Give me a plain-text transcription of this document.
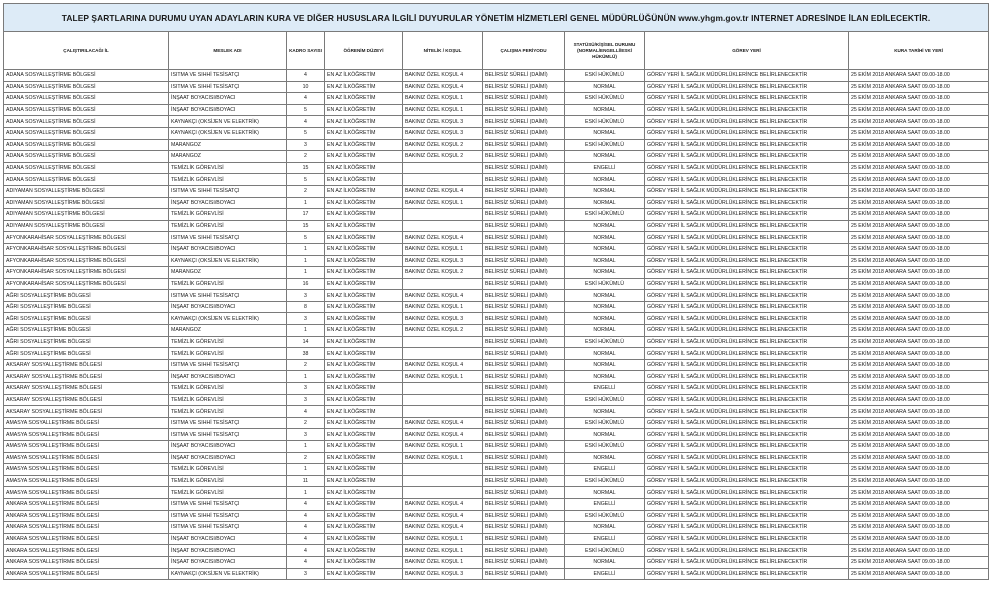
TALEP ŞARTLARINA DURUMU UYAN ADAYLARIN KURA VE DİĞER HUSUSLARA İLGİLİ DUYURULAR YÖNETİM HİZMETLERİ GENEL MÜDÜRLÜĞÜNÜN www.yhgm.gov.tr INTERNET ADRESİNDE İLAN EDİLECEKTİR.								
ÇALIŞTIRILACAĞI İL	MESLEK ADI	KADRO SAYISI	ÖĞRENİM DÜZEYİ	NİTELİK / KOŞUL	ÇALIŞMA PERİYODU	STATÜSÜ/KİŞİSEL DURUMU (NORMAL/ENGELLİ/ESKİ HÜKÜMLÜ)	GÖREV YERİ	KURA TARİHİ VE YERİ
ADANA SOSYALLEŞTİRME BÖLGESİ	ISITMA VE SIHHİ TESİSATÇI	4	EN AZ İLKÖĞRETİM	BAKINIZ ÖZEL KOŞUL 4	BELİRSİZ SÜRELİ (DAİMİ)	ESKİ HÜKÜMLÜ	GÖREV YERİ İL SAĞLIK MÜDÜRLÜKLERİNCE BELİRLENECEKTİR	25 EKİM 2018 ANKARA SAAT 09.00-18.00
ADANA SOSYALLEŞTİRME BÖLGESİ	ISITMA VE SIHHİ TESİSATÇI	10	EN AZ İLKÖĞRETİM	BAKINIZ ÖZEL KOŞUL 4	BELİRSİZ SÜRELİ (DAİMİ)	NORMAL	GÖREV YERİ İL SAĞLIK MÜDÜRLÜKLERİNCE BELİRLENECEKTİR	25 EKİM 2018 ANKARA SAAT 09.00-18.00
ADANA SOSYALLEŞTİRME BÖLGESİ	İNŞAAT BOYACISI/BOYACI	4	EN AZ İLKÖĞRETİM	BAKINIZ ÖZEL KOŞUL 1	BELİRSİZ SÜRELİ (DAİMİ)	ESKİ HÜKÜMLÜ	GÖREV YERİ İL SAĞLIK MÜDÜRLÜKLERİNCE BELİRLENECEKTİR	25 EKİM 2018 ANKARA SAAT 09.00-18.00
ADANA SOSYALLEŞTİRME BÖLGESİ	İNŞAAT BOYACISI/BOYACI	5	EN AZ İLKÖĞRETİM	BAKINIZ ÖZEL KOŞUL 1	BELİRSİZ SÜRELİ (DAİMİ)	NORMAL	GÖREV YERİ İL SAĞLIK MÜDÜRLÜKLERİNCE BELİRLENECEKTİR	25 EKİM 2018 ANKARA SAAT 09.00-18.00
ADANA SOSYALLEŞTİRME BÖLGESİ	KAYNAKÇI (OKSİJEN VE ELEKTRİK)	4	EN AZ İLKÖĞRETİM	BAKINIZ ÖZEL KOŞUL 3	BELİRSİZ SÜRELİ (DAİMİ)	ESKİ HÜKÜMLÜ	GÖREV YERİ İL SAĞLIK MÜDÜRLÜKLERİNCE BELİRLENECEKTİR	25 EKİM 2018 ANKARA SAAT 09.00-18.00
ADANA SOSYALLEŞTİRME BÖLGESİ	KAYNAKÇI (OKSİJEN VE ELEKTRİK)	5	EN AZ İLKÖĞRETİM	BAKINIZ ÖZEL KOŞUL 3	BELİRSİZ SÜRELİ (DAİMİ)	NORMAL	GÖREV YERİ İL SAĞLIK MÜDÜRLÜKLERİNCE BELİRLENECEKTİR	25 EKİM 2018 ANKARA SAAT 09.00-18.00
ADANA SOSYALLEŞTİRME BÖLGESİ	MARANGOZ	3	EN AZ İLKÖĞRETİM	BAKINIZ ÖZEL KOŞUL 2	BELİRSİZ SÜRELİ (DAİMİ)	ESKİ HÜKÜMLÜ	GÖREV YERİ İL SAĞLIK MÜDÜRLÜKLERİNCE BELİRLENECEKTİR	25 EKİM 2018 ANKARA SAAT 09.00-18.00
ADANA SOSYALLEŞTİRME BÖLGESİ	MARANGOZ	2	EN AZ İLKÖĞRETİM	BAKINIZ ÖZEL KOŞUL 2	BELİRSİZ SÜRELİ (DAİMİ)	NORMAL	GÖREV YERİ İL SAĞLIK MÜDÜRLÜKLERİNCE BELİRLENECEKTİR	25 EKİM 2018 ANKARA SAAT 09.00-18.00
ADANA SOSYALLEŞTİRME BÖLGESİ	TEMİZLİK GÖREVLİSİ	15	EN AZ İLKÖĞRETİM		BELİRSİZ SÜRELİ (DAİMİ)	ENGELLİ	GÖREV YERİ İL SAĞLIK MÜDÜRLÜKLERİNCE BELİRLENECEKTİR	25 EKİM 2018 ANKARA SAAT 09.00-18.00
ADANA SOSYALLEŞTİRME BÖLGESİ	TEMİZLİK GÖREVLİSİ	5	EN AZ İLKÖĞRETİM		BELİRSİZ SÜRELİ (DAİMİ)	NORMAL	GÖREV YERİ İL SAĞLIK MÜDÜRLÜKLERİNCE BELİRLENECEKTİR	25 EKİM 2018 ANKARA SAAT 09.00-18.00
ADIYAMAN SOSYALLEŞTİRME BÖLGESİ	ISITMA VE SIHHİ TESİSATÇI	2	EN AZ İLKÖĞRETİM	BAKINIZ ÖZEL KOŞUL 4	BELİRSİZ SÜRELİ (DAİMİ)	NORMAL	GÖREV YERİ İL SAĞLIK MÜDÜRLÜKLERİNCE BELİRLENECEKTİR	25 EKİM 2018 ANKARA SAAT 09.00-18.00
ADIYAMAN SOSYALLEŞTİRME BÖLGESİ	İNŞAAT BOYACISI/BOYACI	1	EN AZ İLKÖĞRETİM	BAKINIZ ÖZEL KOŞUL 1	BELİRSİZ SÜRELİ (DAİMİ)	NORMAL	GÖREV YERİ İL SAĞLIK MÜDÜRLÜKLERİNCE BELİRLENECEKTİR	25 EKİM 2018 ANKARA SAAT 09.00-18.00
ADIYAMAN SOSYALLEŞTİRME BÖLGESİ	TEMİZLİK GÖREVLİSİ	17	EN AZ İLKÖĞRETİM		BELİRSİZ SÜRELİ (DAİMİ)	ESKİ HÜKÜMLÜ	GÖREV YERİ İL SAĞLIK MÜDÜRLÜKLERİNCE BELİRLENECEKTİR	25 EKİM 2018 ANKARA SAAT 09.00-18.00
ADIYAMAN SOSYALLEŞTİRME BÖLGESİ	TEMİZLİK GÖREVLİSİ	15	EN AZ İLKÖĞRETİM		BELİRSİZ SÜRELİ (DAİMİ)	NORMAL	GÖREV YERİ İL SAĞLIK MÜDÜRLÜKLERİNCE BELİRLENECEKTİR	25 EKİM 2018 ANKARA SAAT 09.00-18.00
AFYONKARAHİSAR SOSYALLEŞTİRME BÖLGESİ	ISITMA VE SIHHİ TESİSATÇI	5	EN AZ İLKÖĞRETİM	BAKINIZ ÖZEL KOŞUL 4	BELİRSİZ SÜRELİ (DAİMİ)	NORMAL	GÖREV YERİ İL SAĞLIK MÜDÜRLÜKLERİNCE BELİRLENECEKTİR	25 EKİM 2018 ANKARA SAAT 09.00-18.00
AFYONKARAHİSAR SOSYALLEŞTİRME BÖLGESİ	İNŞAAT BOYACISI/BOYACI	1	EN AZ İLKÖĞRETİM	BAKINIZ ÖZEL KOŞUL 1	BELİRSİZ SÜRELİ (DAİMİ)	NORMAL	GÖREV YERİ İL SAĞLIK MÜDÜRLÜKLERİNCE BELİRLENECEKTİR	25 EKİM 2018 ANKARA SAAT 09.00-18.00
AFYONKARAHİSAR SOSYALLEŞTİRME BÖLGESİ	KAYNAKÇI (OKSİJEN VE ELEKTRİK)	1	EN AZ İLKÖĞRETİM	BAKINIZ ÖZEL KOŞUL 3	BELİRSİZ SÜRELİ (DAİMİ)	NORMAL	GÖREV YERİ İL SAĞLIK MÜDÜRLÜKLERİNCE BELİRLENECEKTİR	25 EKİM 2018 ANKARA SAAT 09.00-18.00
AFYONKARAHİSAR SOSYALLEŞTİRME BÖLGESİ	MARANGOZ	1	EN AZ İLKÖĞRETİM	BAKINIZ ÖZEL KOŞUL 2	BELİRSİZ SÜRELİ (DAİMİ)	NORMAL	GÖREV YERİ İL SAĞLIK MÜDÜRLÜKLERİNCE BELİRLENECEKTİR	25 EKİM 2018 ANKARA SAAT 09.00-18.00
AFYONKARAHİSAR SOSYALLEŞTİRME BÖLGESİ	TEMİZLİK GÖREVLİSİ	16	EN AZ İLKÖĞRETİM		BELİRSİZ SÜRELİ (DAİMİ)	ESKİ HÜKÜMLÜ	GÖREV YERİ İL SAĞLIK MÜDÜRLÜKLERİNCE BELİRLENECEKTİR	25 EKİM 2018 ANKARA SAAT 09.00-18.00
AĞRI SOSYALLEŞTİRME BÖLGESİ	ISITMA VE SIHHİ TESİSATÇI	3	EN AZ İLKÖĞRETİM	BAKINIZ ÖZEL KOŞUL 4	BELİRSİZ SÜRELİ (DAİMİ)	NORMAL	GÖREV YERİ İL SAĞLIK MÜDÜRLÜKLERİNCE BELİRLENECEKTİR	25 EKİM 2018 ANKARA SAAT 09.00-18.00
AĞRI SOSYALLEŞTİRME BÖLGESİ	İNŞAAT BOYACISI/BOYACI	8	EN AZ İLKÖĞRETİM	BAKINIZ ÖZEL KOŞUL 1	BELİRSİZ SÜRELİ (DAİMİ)	NORMAL	GÖREV YERİ İL SAĞLIK MÜDÜRLÜKLERİNCE BELİRLENECEKTİR	25 EKİM 2018 ANKARA SAAT 09.00-18.00
AĞRI SOSYALLEŞTİRME BÖLGESİ	KAYNAKÇI (OKSİJEN VE ELEKTRİK)	3	EN AZ İLKÖĞRETİM	BAKINIZ ÖZEL KOŞUL 3	BELİRSİZ SÜRELİ (DAİMİ)	NORMAL	GÖREV YERİ İL SAĞLIK MÜDÜRLÜKLERİNCE BELİRLENECEKTİR	25 EKİM 2018 ANKARA SAAT 09.00-18.00
AĞRI SOSYALLEŞTİRME BÖLGESİ	MARANGOZ	1	EN AZ İLKÖĞRETİM	BAKINIZ ÖZEL KOŞUL 2	BELİRSİZ SÜRELİ (DAİMİ)	NORMAL	GÖREV YERİ İL SAĞLIK MÜDÜRLÜKLERİNCE BELİRLENECEKTİR	25 EKİM 2018 ANKARA SAAT 09.00-18.00
AĞRI SOSYALLEŞTİRME BÖLGESİ	TEMİZLİK GÖREVLİSİ	14	EN AZ İLKÖĞRETİM		BELİRSİZ SÜRELİ (DAİMİ)	ESKİ HÜKÜMLÜ	GÖREV YERİ İL SAĞLIK MÜDÜRLÜKLERİNCE BELİRLENECEKTİR	25 EKİM 2018 ANKARA SAAT 09.00-18.00
AĞRI SOSYALLEŞTİRME BÖLGESİ	TEMİZLİK GÖREVLİSİ	38	EN AZ İLKÖĞRETİM		BELİRSİZ SÜRELİ (DAİMİ)	NORMAL	GÖREV YERİ İL SAĞLIK MÜDÜRLÜKLERİNCE BELİRLENECEKTİR	25 EKİM 2018 ANKARA SAAT 09.00-18.00
AKSARAY SOSYALLEŞTİRME BÖLGESİ	ISITMA VE SIHHİ TESİSATÇI	2	EN AZ İLKÖĞRETİM	BAKINIZ ÖZEL KOŞUL 4	BELİRSİZ SÜRELİ (DAİMİ)	NORMAL	GÖREV YERİ İL SAĞLIK MÜDÜRLÜKLERİNCE BELİRLENECEKTİR	25 EKİM 2018 ANKARA SAAT 09.00-18.00
AKSARAY SOSYALLEŞTİRME BÖLGESİ	İNŞAAT BOYACISI/BOYACI	1	EN AZ İLKÖĞRETİM	BAKINIZ ÖZEL KOŞUL 1	BELİRSİZ SÜRELİ (DAİMİ)	NORMAL	GÖREV YERİ İL SAĞLIK MÜDÜRLÜKLERİNCE BELİRLENECEKTİR	25 EKİM 2018 ANKARA SAAT 09.00-18.00
AKSARAY SOSYALLEŞTİRME BÖLGESİ	TEMİZLİK GÖREVLİSİ	3	EN AZ İLKÖĞRETİM		BELİRSİZ SÜRELİ (DAİMİ)	ENGELLİ	GÖREV YERİ İL SAĞLIK MÜDÜRLÜKLERİNCE BELİRLENECEKTİR	25 EKİM 2018 ANKARA SAAT 09.00-18.00
AKSARAY SOSYALLEŞTİRME BÖLGESİ	TEMİZLİK GÖREVLİSİ	3	EN AZ İLKÖĞRETİM		BELİRSİZ SÜRELİ (DAİMİ)	ESKİ HÜKÜMLÜ	GÖREV YERİ İL SAĞLIK MÜDÜRLÜKLERİNCE BELİRLENECEKTİR	25 EKİM 2018 ANKARA SAAT 09.00-18.00
AKSARAY SOSYALLEŞTİRME BÖLGESİ	TEMİZLİK GÖREVLİSİ	4	EN AZ İLKÖĞRETİM		BELİRSİZ SÜRELİ (DAİMİ)	NORMAL	GÖREV YERİ İL SAĞLIK MÜDÜRLÜKLERİNCE BELİRLENECEKTİR	25 EKİM 2018 ANKARA SAAT 09.00-18.00
AMASYA SOSYALLEŞTİRME BÖLGESİ	ISITMA VE SIHHİ TESİSATÇI	2	EN AZ İLKÖĞRETİM	BAKINIZ ÖZEL KOŞUL 4	BELİRSİZ SÜRELİ (DAİMİ)	ESKİ HÜKÜMLÜ	GÖREV YERİ İL SAĞLIK MÜDÜRLÜKLERİNCE BELİRLENECEKTİR	25 EKİM 2018 ANKARA SAAT 09.00-18.00
AMASYA SOSYALLEŞTİRME BÖLGESİ	ISITMA VE SIHHİ TESİSATÇI	3	EN AZ İLKÖĞRETİM	BAKINIZ ÖZEL KOŞUL 4	BELİRSİZ SÜRELİ (DAİMİ)	NORMAL	GÖREV YERİ İL SAĞLIK MÜDÜRLÜKLERİNCE BELİRLENECEKTİR	25 EKİM 2018 ANKARA SAAT 09.00-18.00
AMASYA SOSYALLEŞTİRME BÖLGESİ	İNŞAAT BOYACISI/BOYACI	1	EN AZ İLKÖĞRETİM	BAKINIZ ÖZEL KOŞUL 1	BELİRSİZ SÜRELİ (DAİMİ)	ESKİ HÜKÜMLÜ	GÖREV YERİ İL SAĞLIK MÜDÜRLÜKLERİNCE BELİRLENECEKTİR	25 EKİM 2018 ANKARA SAAT 09.00-18.00
AMASYA SOSYALLEŞTİRME BÖLGESİ	İNŞAAT BOYACISI/BOYACI	2	EN AZ İLKÖĞRETİM	BAKINIZ ÖZEL KOŞUL 1	BELİRSİZ SÜRELİ (DAİMİ)	NORMAL	GÖREV YERİ İL SAĞLIK MÜDÜRLÜKLERİNCE BELİRLENECEKTİR	25 EKİM 2018 ANKARA SAAT 09.00-18.00
AMASYA SOSYALLEŞTİRME BÖLGESİ	TEMİZLİK GÖREVLİSİ	1	EN AZ İLKÖĞRETİM		BELİRSİZ SÜRELİ (DAİMİ)	ENGELLİ	GÖREV YERİ İL SAĞLIK MÜDÜRLÜKLERİNCE BELİRLENECEKTİR	25 EKİM 2018 ANKARA SAAT 09.00-18.00
AMASYA SOSYALLEŞTİRME BÖLGESİ	TEMİZLİK GÖREVLİSİ	11	EN AZ İLKÖĞRETİM		BELİRSİZ SÜRELİ (DAİMİ)	ESKİ HÜKÜMLÜ	GÖREV YERİ İL SAĞLIK MÜDÜRLÜKLERİNCE BELİRLENECEKTİR	25 EKİM 2018 ANKARA SAAT 09.00-18.00
AMASYA SOSYALLEŞTİRME BÖLGESİ	TEMİZLİK GÖREVLİSİ	1	EN AZ İLKÖĞRETİM		BELİRSİZ SÜRELİ (DAİMİ)	NORMAL	GÖREV YERİ İL SAĞLIK MÜDÜRLÜKLERİNCE BELİRLENECEKTİR	25 EKİM 2018 ANKARA SAAT 09.00-18.00
ANKARA SOSYALLEŞTİRME BÖLGESİ	ISITMA VE SIHHİ TESİSATÇI	4	EN AZ İLKÖĞRETİM	BAKINIZ ÖZEL KOŞUL 4	BELİRSİZ SÜRELİ (DAİMİ)	ENGELLİ	GÖREV YERİ İL SAĞLIK MÜDÜRLÜKLERİNCE BELİRLENECEKTİR	25 EKİM 2018 ANKARA SAAT 09.00-18.00
ANKARA SOSYALLEŞTİRME BÖLGESİ	ISITMA VE SIHHİ TESİSATÇI	4	EN AZ İLKÖĞRETİM	BAKINIZ ÖZEL KOŞUL 4	BELİRSİZ SÜRELİ (DAİMİ)	ESKİ HÜKÜMLÜ	GÖREV YERİ İL SAĞLIK MÜDÜRLÜKLERİNCE BELİRLENECEKTİR	25 EKİM 2018 ANKARA SAAT 09.00-18.00
ANKARA SOSYALLEŞTİRME BÖLGESİ	ISITMA VE SIHHİ TESİSATÇI	4	EN AZ İLKÖĞRETİM	BAKINIZ ÖZEL KOŞUL 4	BELİRSİZ SÜRELİ (DAİMİ)	NORMAL	GÖREV YERİ İL SAĞLIK MÜDÜRLÜKLERİNCE BELİRLENECEKTİR	25 EKİM 2018 ANKARA SAAT 09.00-18.00
ANKARA SOSYALLEŞTİRME BÖLGESİ	İNŞAAT BOYACISI/BOYACI	4	EN AZ İLKÖĞRETİM	BAKINIZ ÖZEL KOŞUL 1	BELİRSİZ SÜRELİ (DAİMİ)	ENGELLİ	GÖREV YERİ İL SAĞLIK MÜDÜRLÜKLERİNCE BELİRLENECEKTİR	25 EKİM 2018 ANKARA SAAT 09.00-18.00
ANKARA SOSYALLEŞTİRME BÖLGESİ	İNŞAAT BOYACISI/BOYACI	4	EN AZ İLKÖĞRETİM	BAKINIZ ÖZEL KOŞUL 1	BELİRSİZ SÜRELİ (DAİMİ)	ESKİ HÜKÜMLÜ	GÖREV YERİ İL SAĞLIK MÜDÜRLÜKLERİNCE BELİRLENECEKTİR	25 EKİM 2018 ANKARA SAAT 09.00-18.00
ANKARA SOSYALLEŞTİRME BÖLGESİ	İNŞAAT BOYACISI/BOYACI	4	EN AZ İLKÖĞRETİM	BAKINIZ ÖZEL KOŞUL 1	BELİRSİZ SÜRELİ (DAİMİ)	NORMAL	GÖREV YERİ İL SAĞLIK MÜDÜRLÜKLERİNCE BELİRLENECEKTİR	25 EKİM 2018 ANKARA SAAT 09.00-18.00
ANKARA SOSYALLEŞTİRME BÖLGESİ	KAYNAKÇI (OKSİJEN VE ELEKTRİK)	3	EN AZ İLKÖĞRETİM	BAKINIZ ÖZEL KOŞUL 3	BELİRSİZ SÜRELİ (DAİMİ)	ENGELLİ	GÖREV YERİ İL SAĞLIK MÜDÜRLÜKLERİNCE BELİRLENECEKTİR	25 EKİM 2018 ANKARA SAAT 09.00-18.00
